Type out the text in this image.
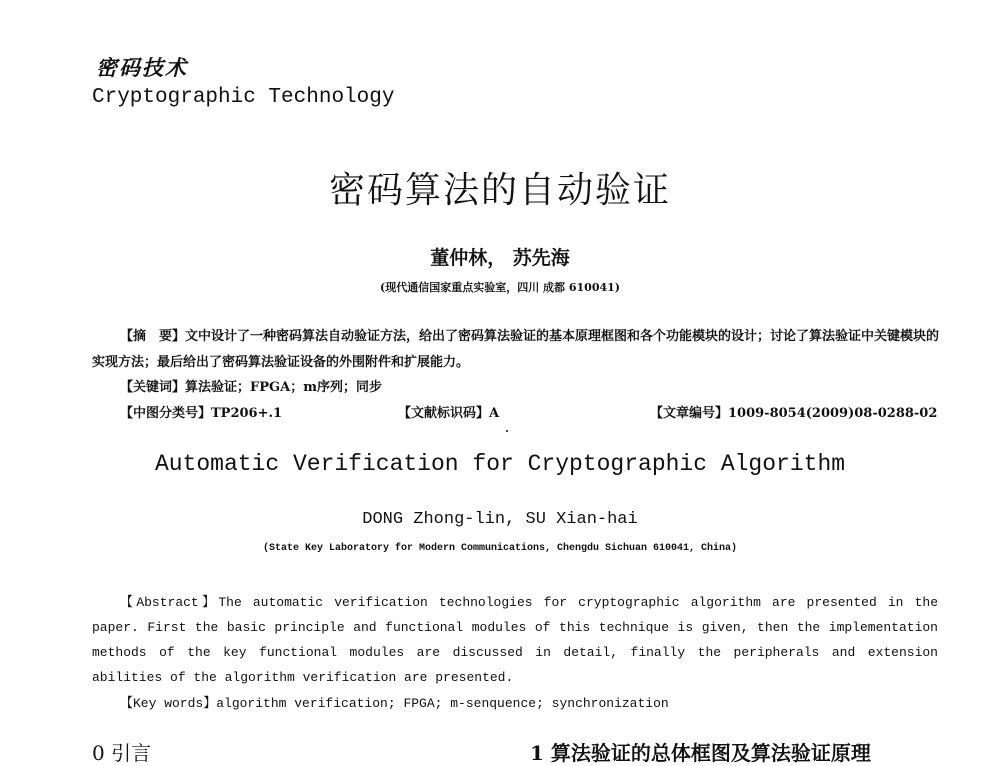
密码技术
Cryptographic Technology
密码算法的自动验证
董仲林， 苏先海
(现代通信国家重点实验室，四川 成都 610041)
【摘　要】文中设计了一种密码算法自动验证方法，给出了密码算法验证的基本原理框图和各个功能模块的设计；讨论了算法验证中关键模块的实现方法；最后给出了密码算法验证设备的外围附件和扩展能力。
【关键词】算法验证；FPGA；m序列；同步
【中图分类号】TP206+.1	【文献标识码】A	【文章编号】1009-8054(2009)08-0288-02
Automatic Verification for Cryptographic Algorithm
DONG Zhong-lin, SU Xian-hai
(State Key Laboratory for Modern Communications, Chengdu Sichuan 610041, China)
【Abstract】The automatic verification technologies for cryptographic algorithm are presented in the paper. First the basic principle and functional modules of this technique is given, then the implementation methods of the key functional modules are discussed in detail, finally the peripherals and extension abilities of the algorithm verification are presented.
【Key words】algorithm verification; FPGA; m-senquence; synchronization
0 引言	1 算法验证的总体框图及算法验证原理
